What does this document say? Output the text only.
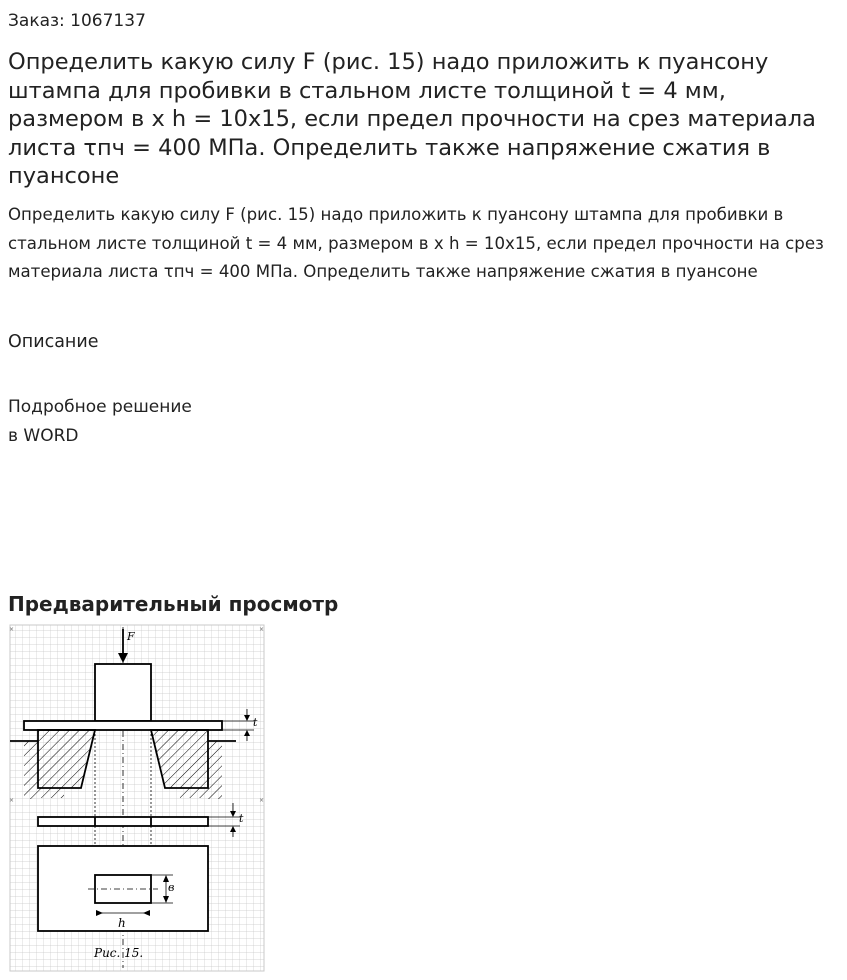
Заказ: 1067137
Определить какую силу F (рис. 15) надо приложить к пуансону штампа для пробивки в стальном листе толщиной t = 4 мм, размером в х h = 10х15, если предел прочности на срез материала листа τпч = 400 МПа. Определить также напряжение сжатия в пуансоне
Определить какую силу F (рис. 15) надо приложить к пуансону штампа для пробивки в стальном листе толщиной t = 4 мм, размером в х h = 10х15, если предел прочности на срез материала листа τпч = 400 МПа. Определить также напряжение сжатия в пуансоне
Описание
Подробное решение
в WORD
Предварительный просмотр
F
t
t
в
h
Рис. 15.
×	×
×	×
